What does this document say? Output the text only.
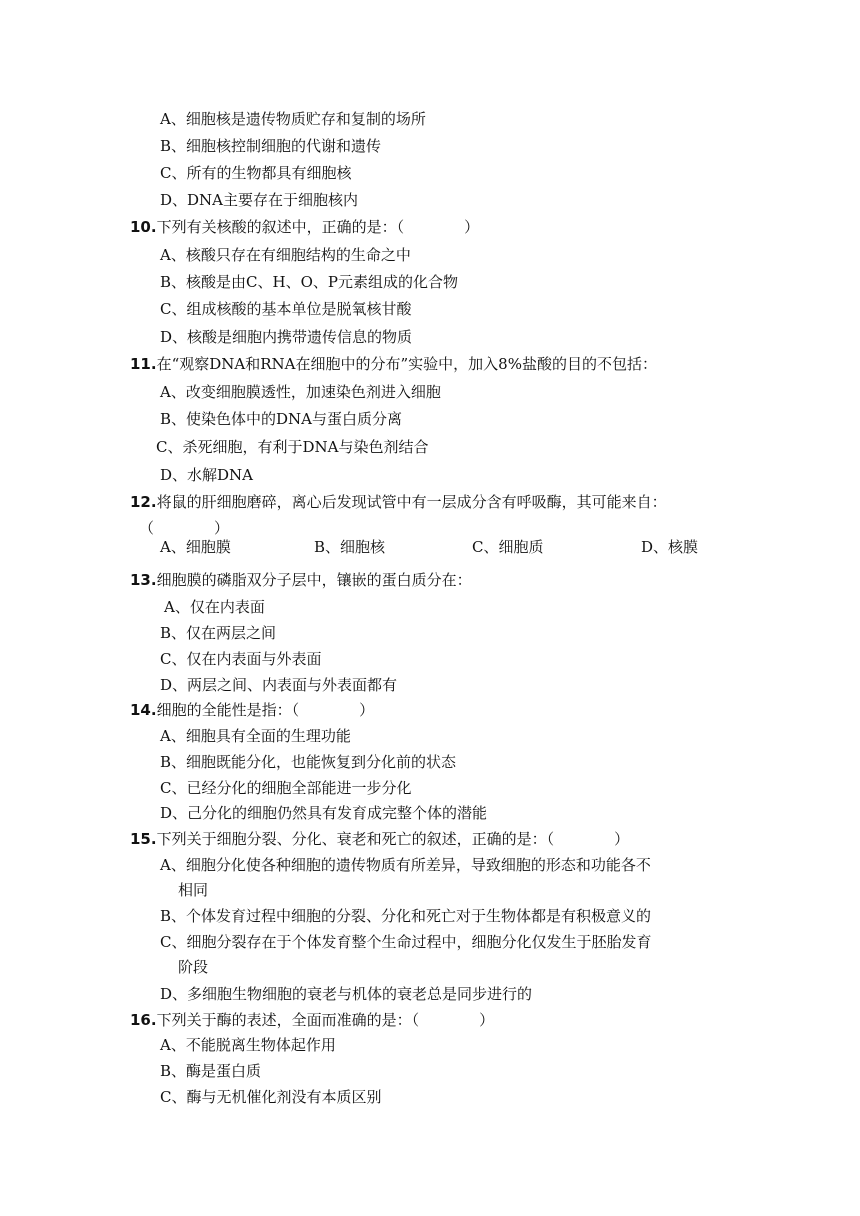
A、细胞核是遗传物质贮存和复制的场所
B、细胞核控制细胞的代谢和遗传
C、所有的生物都具有细胞核
D、DNA主要存在于细胞核内
10.下列有关核酸的叙述中，正确的是：（　　　　）
A、核酸只存在有细胞结构的生命之中
B、核酸是由C、H、O、P元素组成的化合物
C、组成核酸的基本单位是脱氧核甘酸
D、核酸是细胞内携带遗传信息的物质
11.在“观察DNA和RNA在细胞中的分布”实验中，加入8%盐酸的目的不包括：
A、改变细胞膜透性，加速染色剂进入细胞
B、使染色体中的DNA与蛋白质分离
C、杀死细胞，有利于DNA与染色剂结合
D、水解DNA
12.将鼠的肝细胞磨碎，离心后发现试管中有一层成分含有呼吸酶，其可能来自：
（　　　　）
A、细胞膜	B、细胞核	C、细胞质	D、核膜
13.细胞膜的磷脂双分子层中，镶嵌的蛋白质分在：
A、仅在内表面
B、仅在两层之间
C、仅在内表面与外表面
D、两层之间、内表面与外表面都有
14.细胞的全能性是指：（　　　　）
A、细胞具有全面的生理功能
B、细胞既能分化，也能恢复到分化前的状态
C、已经分化的细胞全部能进一步分化
D、己分化的细胞仍然具有发育成完整个体的潜能
15.下列关于细胞分裂、分化、衰老和死亡的叙述，正确的是：（　　　　）
A、细胞分化使各种细胞的遗传物质有所差异，导致细胞的形态和功能各不
相同
B、个体发育过程中细胞的分裂、分化和死亡对于生物体都是有积极意义的
C、细胞分裂存在于个体发育整个生命过程中，细胞分化仅发生于胚胎发育
阶段
D、多细胞生物细胞的衰老与机体的衰老总是同步进行的
16.下列关于酶的表述，全面而准确的是：（　　　　）
A、不能脱离生物体起作用
B、酶是蛋白质
C、酶与无机催化剂没有本质区别
